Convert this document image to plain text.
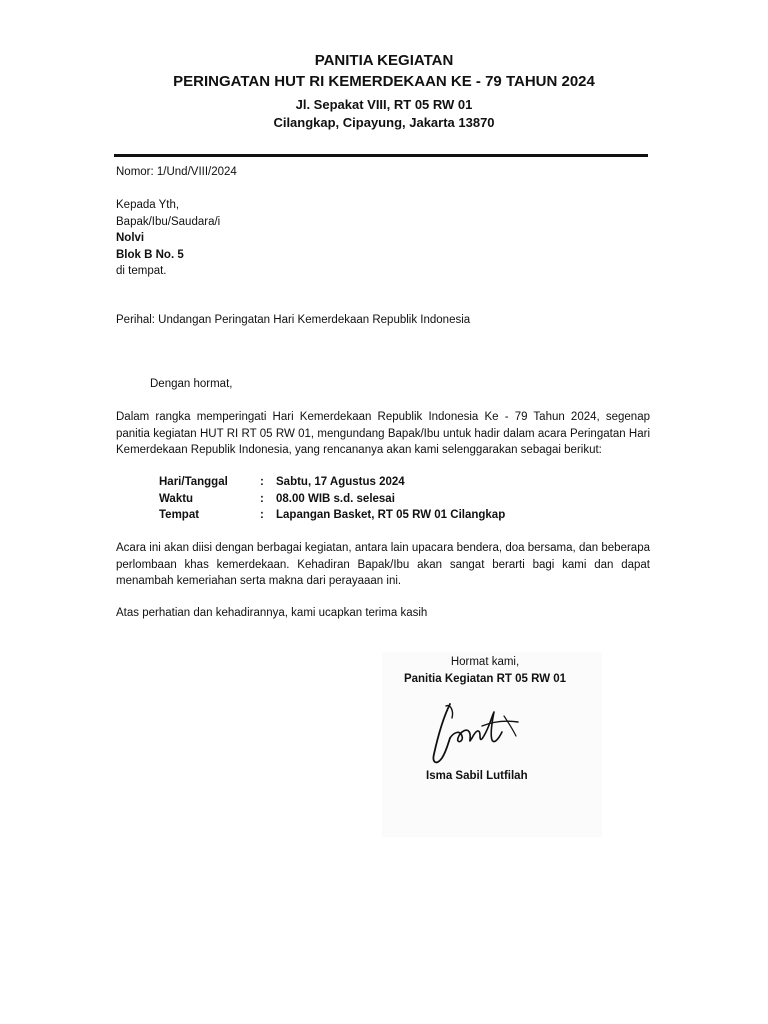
PANITIA KEGIATAN
PERINGATAN HUT RI KEMERDEKAAN KE - 79 TAHUN 2024
Jl. Sepakat VIII, RT 05 RW 01
Cilangkap, Cipayung, Jakarta 13870
Nomor: 1/Und/VIII/2024
Kepada Yth,
Bapak/Ibu/Saudara/i
Nolvi
Blok B No. 5
di tempat.
Perihal: Undangan Peringatan Hari Kemerdekaan Republik Indonesia
Dengan hormat,
Dalam rangka memperingati Hari Kemerdekaan Republik Indonesia Ke - 79 Tahun 2024, segenap panitia kegiatan HUT RI RT 05 RW 01, mengundang Bapak/Ibu untuk hadir dalam acara Peringatan Hari Kemerdekaan Republik Indonesia, yang rencananya akan kami selenggarakan sebagai berikut:
Hari/Tanggal	:	Sabtu, 17 Agustus 2024
Waktu	:	08.00 WIB s.d. selesai
Tempat	:	Lapangan Basket, RT 05 RW 01 Cilangkap
Acara ini akan diisi dengan berbagai kegiatan, antara lain upacara bendera, doa bersama, dan beberapa perlombaan khas kemerdekaan. Kehadiran Bapak/Ibu akan sangat berarti bagi kami dan dapat menambah kemeriahan serta makna dari perayaaan ini.
Atas perhatian dan kehadirannya, kami ucapkan terima kasih
Hormat kami,
Panitia Kegiatan RT 05 RW 01
Isma Sabil Lutfilah
